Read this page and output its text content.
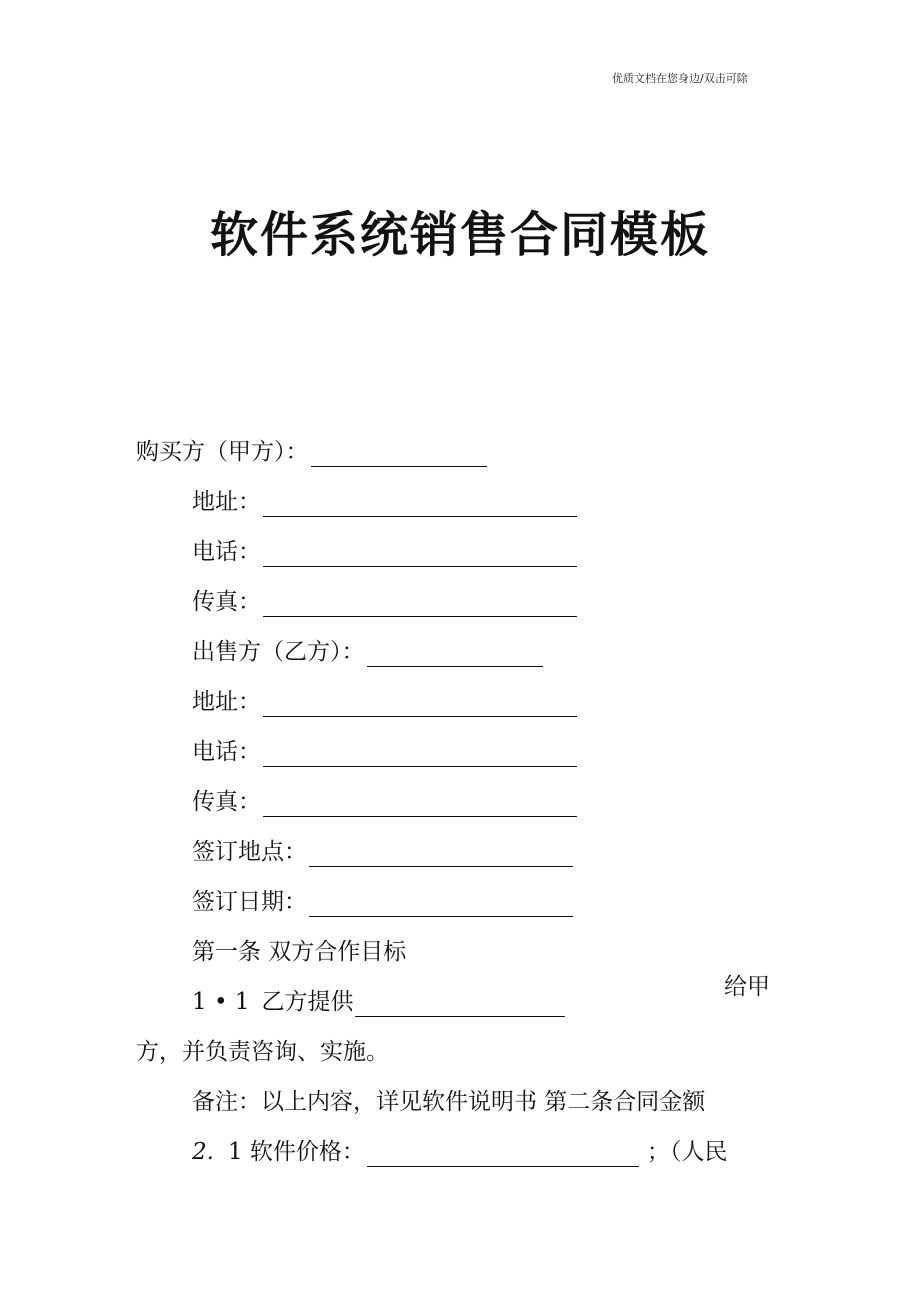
优质文档在您身边/双击可除
软件系统销售合同模板
购买方（甲方）：
地址：
电话：
传真：
出售方（乙方）：
地址：
电话：
传真：
签订地点：
签订日期：
第一条 双方合作目标
1 • 1 乙方提供
给甲
方，并负责咨询、实施。
备注：以上内容，详见软件说明书 第二条合同金额
2. 1 软件价格：	；（人民
